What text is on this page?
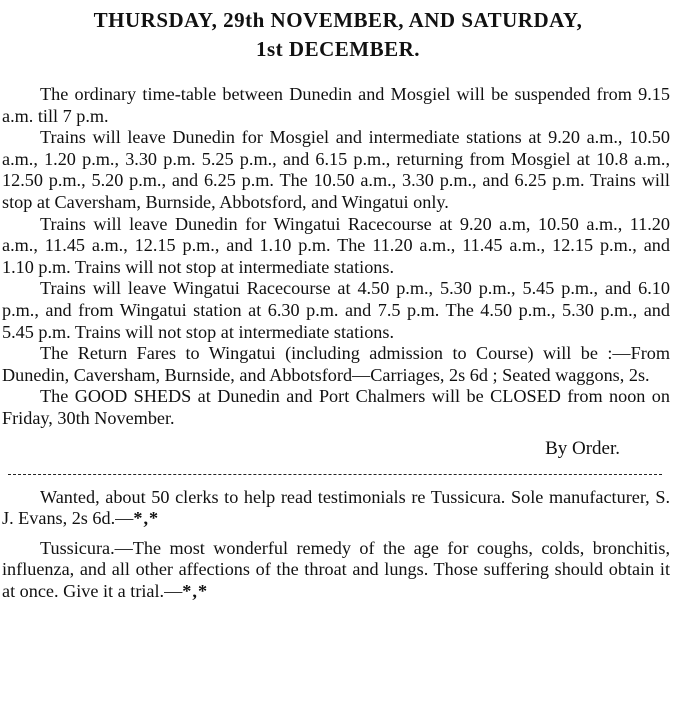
THURSDAY, 29th NOVEMBER, AND SATURDAY,
1st DECEMBER.

The ordinary time-table between Dunedin and Mosgiel will be suspended from 9.15 a.m. till 7 p.m.

Trains will leave Dunedin for Mosgiel and intermediate stations at 9.20 a.m., 10.50 a.m., 1.20 p.m., 3.30 p.m. 5.25 p.m., and 6.15 p.m., returning from Mosgiel at 10.8 a.m., 12.50 p.m., 5.20 p.m., and 6.25 p.m. The 10.50 a.m., 3.30 p.m., and 6.25 p.m. Trains will stop at Caversham, Burnside, Abbotsford, and Wingatui only.

Trains will leave Dunedin for Wingatui Racecourse at 9.20 a.m, 10.50 a.m., 11.20 a.m., 11.45 a.m., 12.15 p.m., and 1.10 p.m. The 11.20 a.m., 11.45 a.m., 12.15 p.m., and 1.10 p.m. Trains will not stop at intermediate stations.

Trains will leave Wingatui Racecourse at 4.50 p.m., 5.30 p.m., 5.45 p.m., and 6.10 p.m., and from Wingatui station at 6.30 p.m. and 7.5 p.m. The 4.50 p.m., 5.30 p.m., and 5.45 p.m. Trains will not stop at intermediate stations.

The Return Fares to Wingatui (including admission to Course) will be :—From Dunedin, Caversham, Burnside, and Abbotsford—Carriages, 2s 6d ; Seated waggons, 2s.

The GOOD SHEDS at Dunedin and Port Chalmers will be CLOSED from noon on Friday, 30th November.

By Order.

Wanted, about 50 clerks to help read testimonials re Tussicura. Sole manufacturer, S. J. Evans, 2s 6d.—*,*

Tussicura.—The most wonderful remedy of the age for coughs, colds, bronchitis, influenza, and all other affections of the throat and lungs. Those suffering should obtain it at once. Give it a trial.—*,*
